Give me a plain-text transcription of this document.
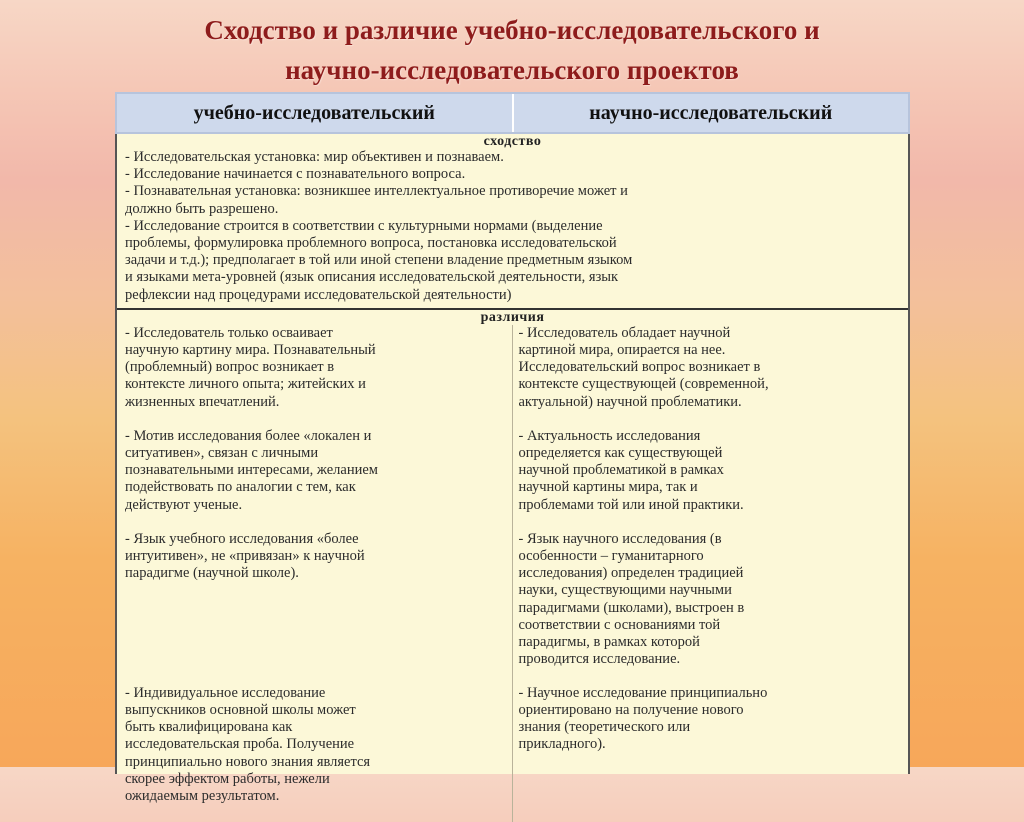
Сходство и различие учебно-исследовательского и
научно-исследовательского проектов
учебно-исследовательский	научно-исследовательский
сходство
- Исследовательская установка: мир объективен и познаваем.
- Исследование начинается с познавательного вопроса.
- Познавательная установка: возникшее интеллектуальное противоречие может и
должно быть разрешено.
- Исследование строится в соответствии с культурными нормами (выделение
проблемы, формулировка проблемного вопроса, постановка исследовательской
задачи и т.д.); предполагает в той или иной степени владение предметным языком
и языками мета-уровней (язык описания исследовательской деятельности, язык
рефлексии над процедурами исследовательской деятельности)
различия
- Исследователь только осваивает
научную картину мира. Познавательный
(проблемный) вопрос возникает в
контексте личного опыта; житейских и
жизненных впечатлений.
- Мотив исследования более «локален и
ситуативен», связан с личными
познавательными интересами, желанием
подействовать по аналогии с тем, как
действуют ученые.
- Язык учебного исследования «более
интуитивен», не «привязан» к научной
парадигме (научной школе).
- Индивидуальное исследование
выпускников основной школы может
быть квалифицирована как
исследовательская проба. Получение
принципиально нового знания является
скорее эффектом работы, нежели
ожидаемым результатом.
- Исследователь обладает научной
картиной мира, опирается на нее.
Исследовательский вопрос возникает в
контексте существующей (современной,
актуальной) научной проблематики.
- Актуальность исследования
определяется как существующей
научной проблематикой в рамках
научной картины мира, так и
проблемами той или иной практики.
- Язык научного исследования (в
особенности – гуманитарного
исследования) определен традицией
науки, существующими научными
парадигмами (школами), выстроен в
соответствии с основаниями той
парадигмы, в рамках которой
проводится исследование.
- Научное исследование принципиально
ориентировано на получение нового
знания (теоретического или
прикладного).
